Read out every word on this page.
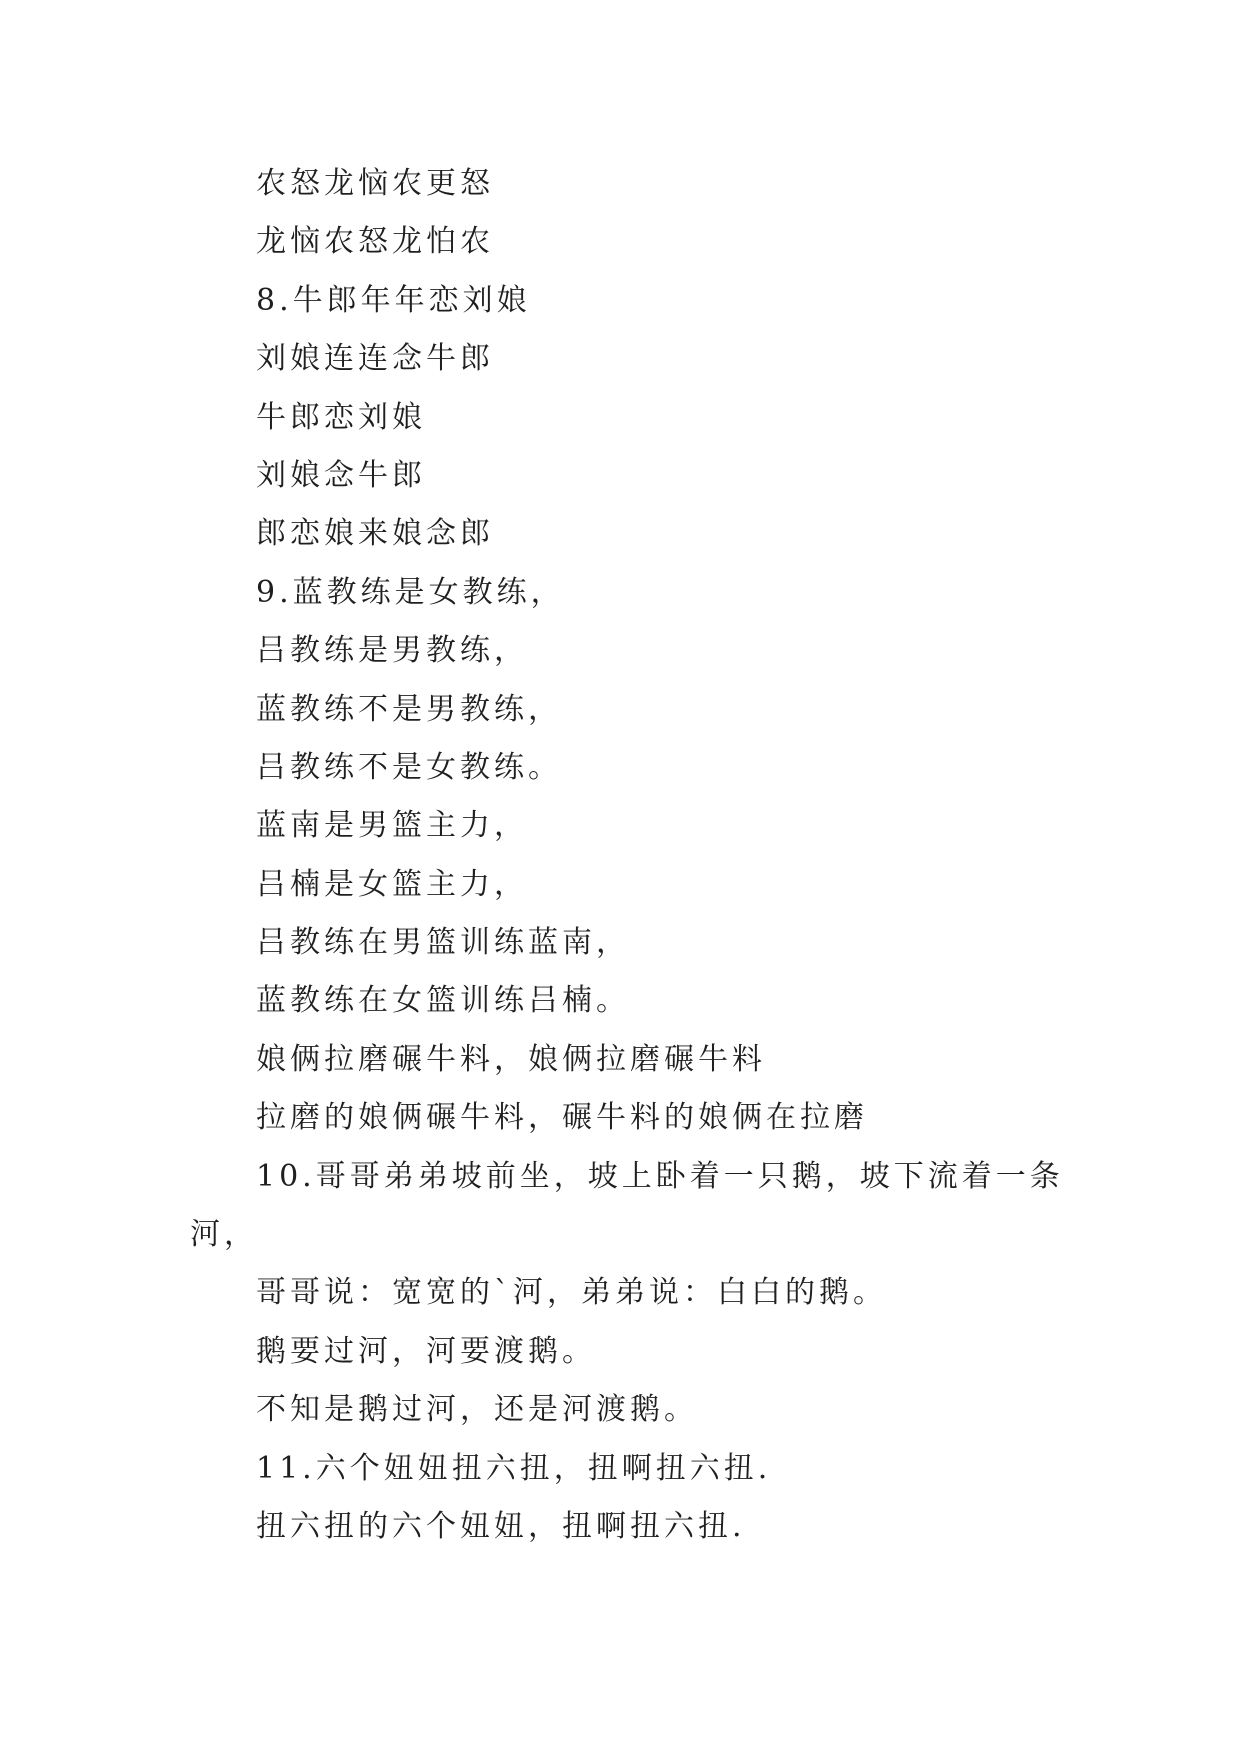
农怒龙恼农更怒
龙恼农怒龙怕农
8.牛郎年年恋刘娘
刘娘连连念牛郎
牛郎恋刘娘
刘娘念牛郎
郎恋娘来娘念郎
9.蓝教练是女教练，
吕教练是男教练，
蓝教练不是男教练，
吕教练不是女教练。
蓝南是男篮主力，
吕楠是女篮主力，
吕教练在男篮训练蓝南，
蓝教练在女篮训练吕楠。
娘俩拉磨碾牛料，娘俩拉磨碾牛料
拉磨的娘俩碾牛料，碾牛料的娘俩在拉磨
10.哥哥弟弟坡前坐，坡上卧着一只鹅，坡下流着一条
河，
哥哥说：宽宽的`河，弟弟说：白白的鹅。
鹅要过河，河要渡鹅。
不知是鹅过河，还是河渡鹅。
11.六个妞妞扭六扭，扭啊扭六扭.
扭六扭的六个妞妞，扭啊扭六扭.
